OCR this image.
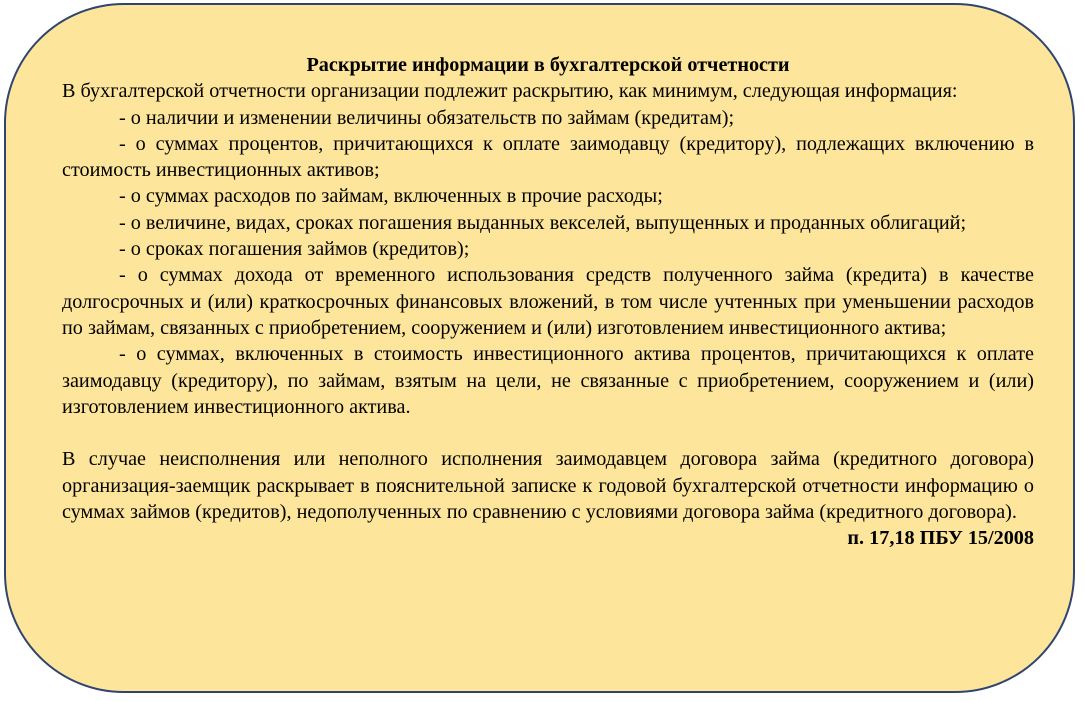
Раскрытие информации в бухгалтерской отчетности

В бухгалтерской отчетности организации подлежит раскрытию, как минимум, следующая информация:

- о наличии и изменении величины обязательств по займам (кредитам);

- о суммах процентов, причитающихся к оплате заимодавцу (кредитору), подлежащих включению в стоимость инвестиционных активов;

- о суммах расходов по займам, включенных в прочие расходы;

- о величине, видах, сроках погашения выданных векселей, выпущенных и проданных облигаций;

- о сроках погашения займов (кредитов);

- о суммах дохода от временного использования средств полученного займа (кредита) в качестве долгосрочных и (или) краткосрочных финансовых вложений, в том числе учтенных при уменьшении расходов по займам, связанных с приобретением, сооружением и (или) изготовлением инвестиционного актива;

- о суммах, включенных в стоимость инвестиционного актива процентов, причитающихся к оплате заимодавцу (кредитору), по займам, взятым на цели, не связанные с приобретением, сооружением и (или) изготовлением инвестиционного актива.

В случае неисполнения или неполного исполнения заимодавцем договора займа (кредитного договора) организация-заемщик раскрывает в пояснительной записке к годовой бухгалтерской отчетности информацию о суммах займов (кредитов), недополученных по сравнению с условиями договора займа (кредитного договора).

п. 17,18 ПБУ 15/2008
